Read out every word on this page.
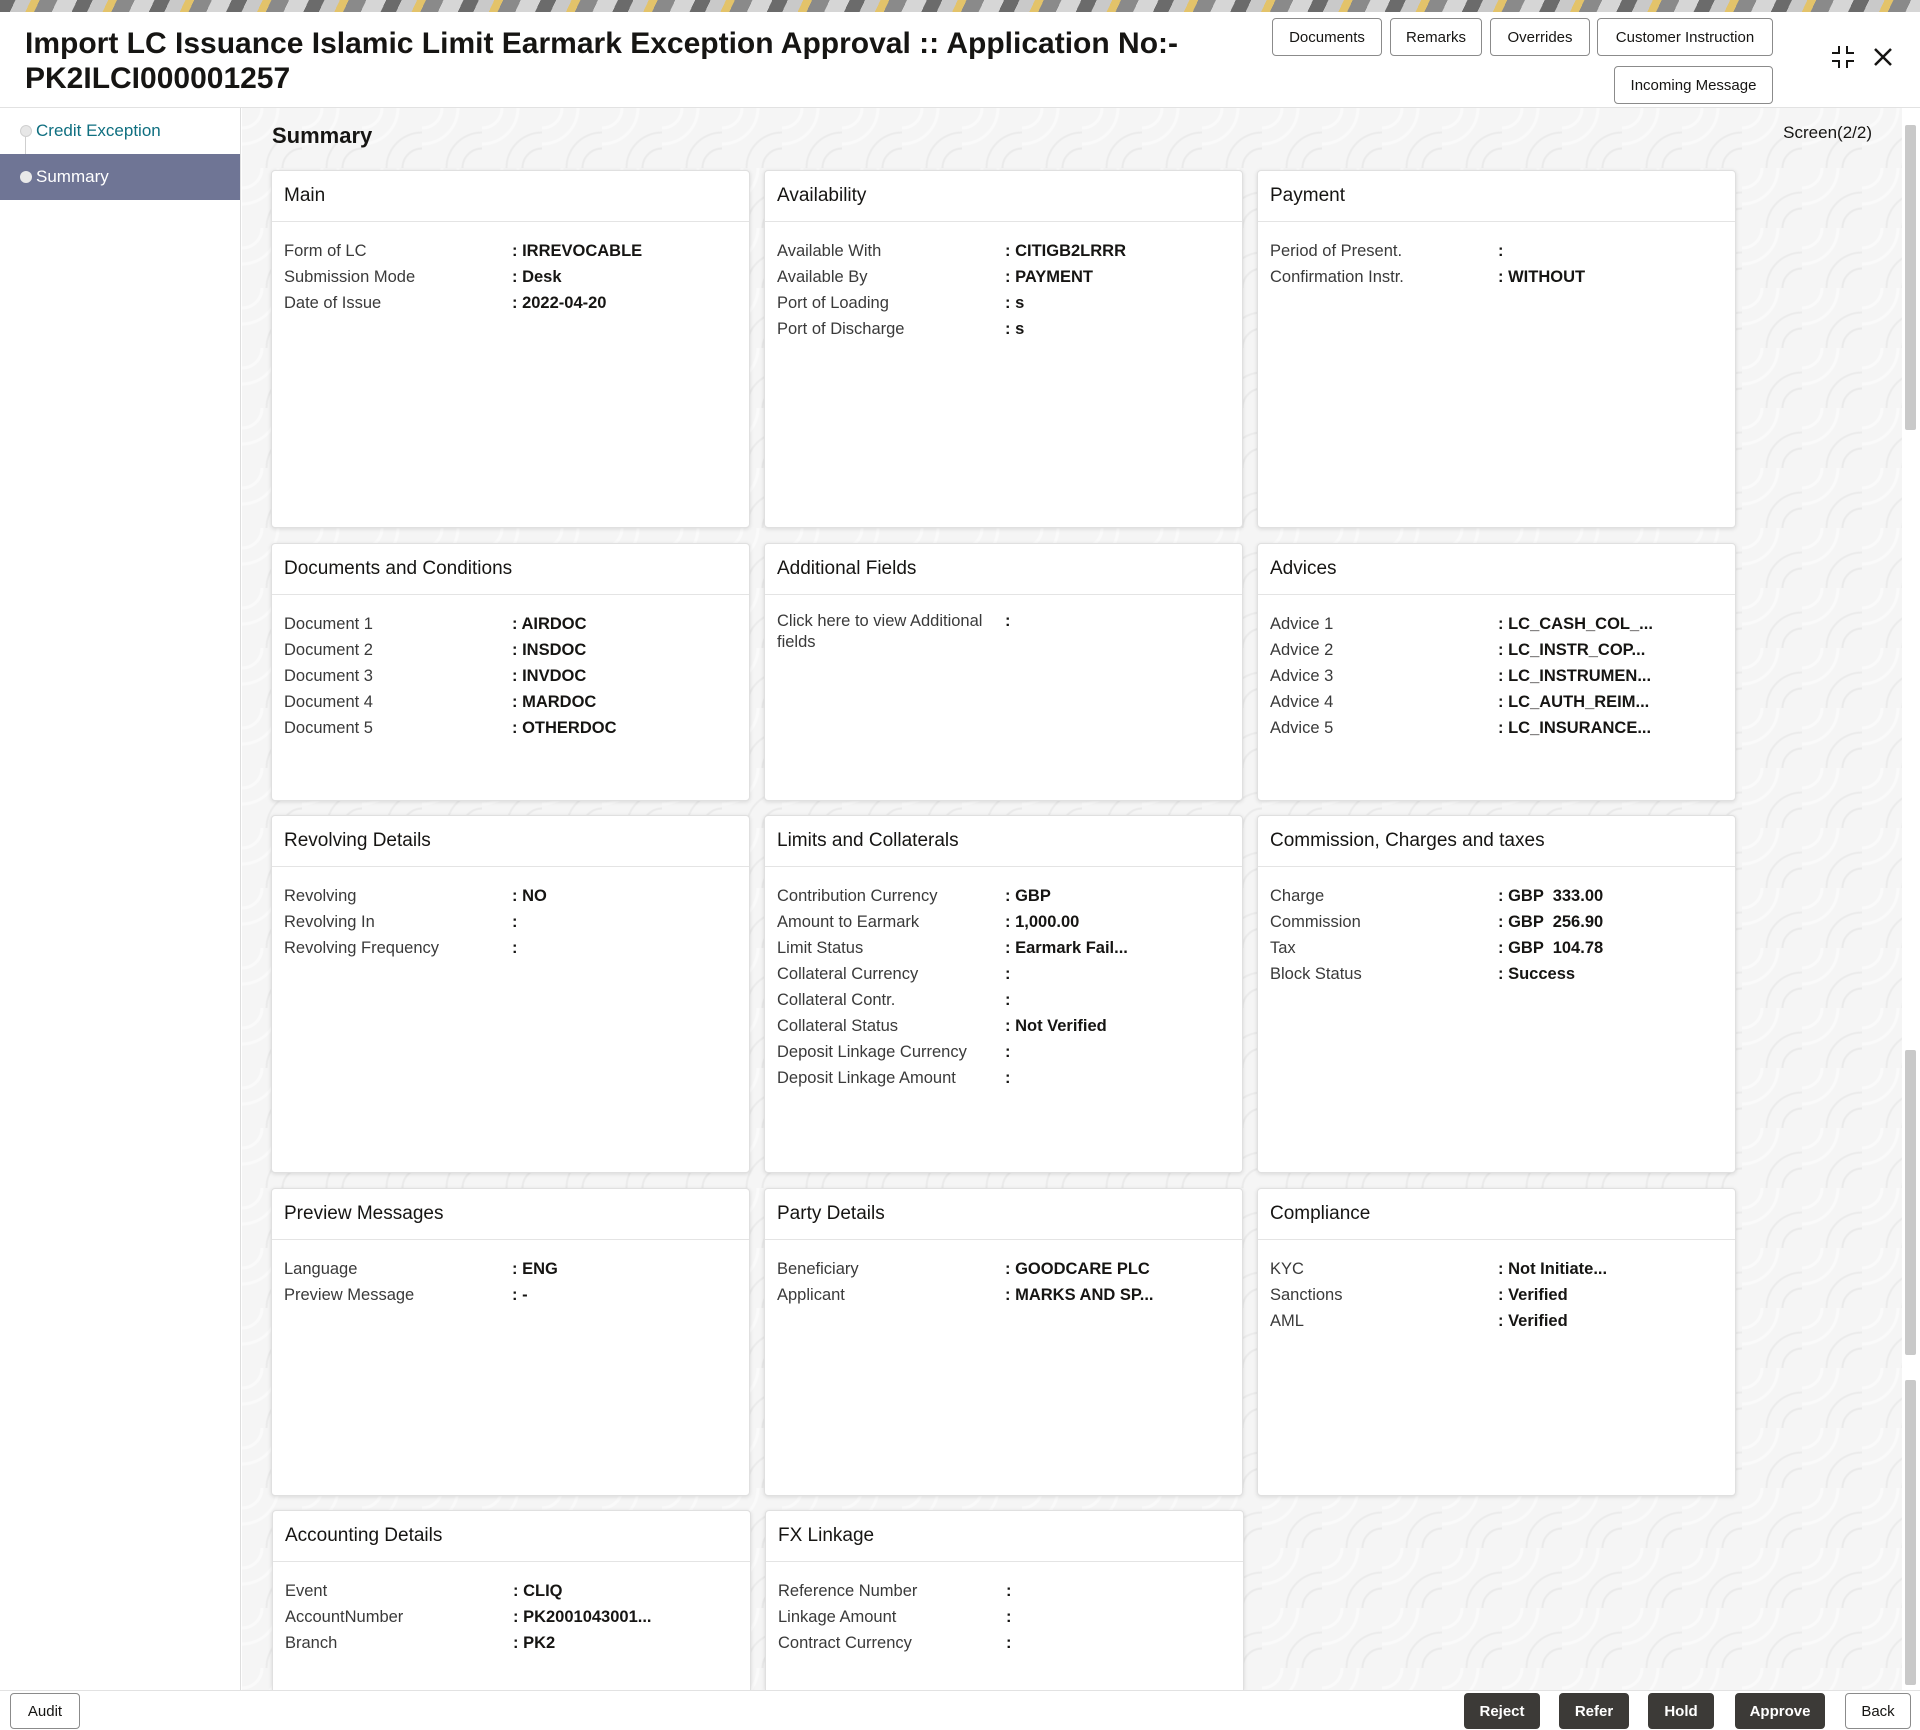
Import LC Issuance Islamic Limit Earmark Exception Approval :: Application No:- PK2ILCI000001257
Documents	Remarks	Overrides	Customer Instruction
Incoming Message
Credit Exception
Summary
Summary	Screen(2/2)
Main
Form of LC	: IRREVOCABLE
Submission Mode	: Desk
Date of Issue	: 2022-04-20
Availability
Available With	: CITIGB2LRRR
Available By	: PAYMENT
Port of Loading	: s
Port of Discharge	: s
Payment
Period of Present.	:
Confirmation Instr.	: WITHOUT
Documents and Conditions
Document 1	: AIRDOC
Document 2	: INSDOC
Document 3	: INVDOC
Document 4	: MARDOC
Document 5	: OTHERDOC
Additional Fields
Click here to view Additional fields
:
Advices
Advice 1	: LC_CASH_COL_...
Advice 2	: LC_INSTR_COP...
Advice 3	: LC_INSTRUMEN...
Advice 4	: LC_AUTH_REIM...
Advice 5	: LC_INSURANCE...
Revolving Details
Revolving	: NO
Revolving In	:
Revolving Frequency	:
Limits and Collaterals
Contribution Currency	: GBP
Amount to Earmark	: 1,000.00
Limit Status	: Earmark Fail...
Collateral Currency	:
Collateral Contr.	:
Collateral Status	: Not Verified
Deposit Linkage Currency	:
Deposit Linkage Amount	:
Commission, Charges and taxes
Charge	: GBP  333.00
Commission	: GBP  256.90
Tax	: GBP  104.78
Block Status	: Success
Preview Messages
Language	: ENG
Preview Message	: -
Party Details
Beneficiary	: GOODCARE PLC
Applicant	: MARKS AND SP...
Compliance
KYC	: Not Initiate...
Sanctions	: Verified
AML	: Verified
Accounting Details
Event	: CLIQ
AccountNumber	: PK2001043001...
Branch	: PK2
FX Linkage
Reference Number	:
Linkage Amount	:
Contract Currency	:
Audit	Reject	Refer	Hold	Approve	Back
